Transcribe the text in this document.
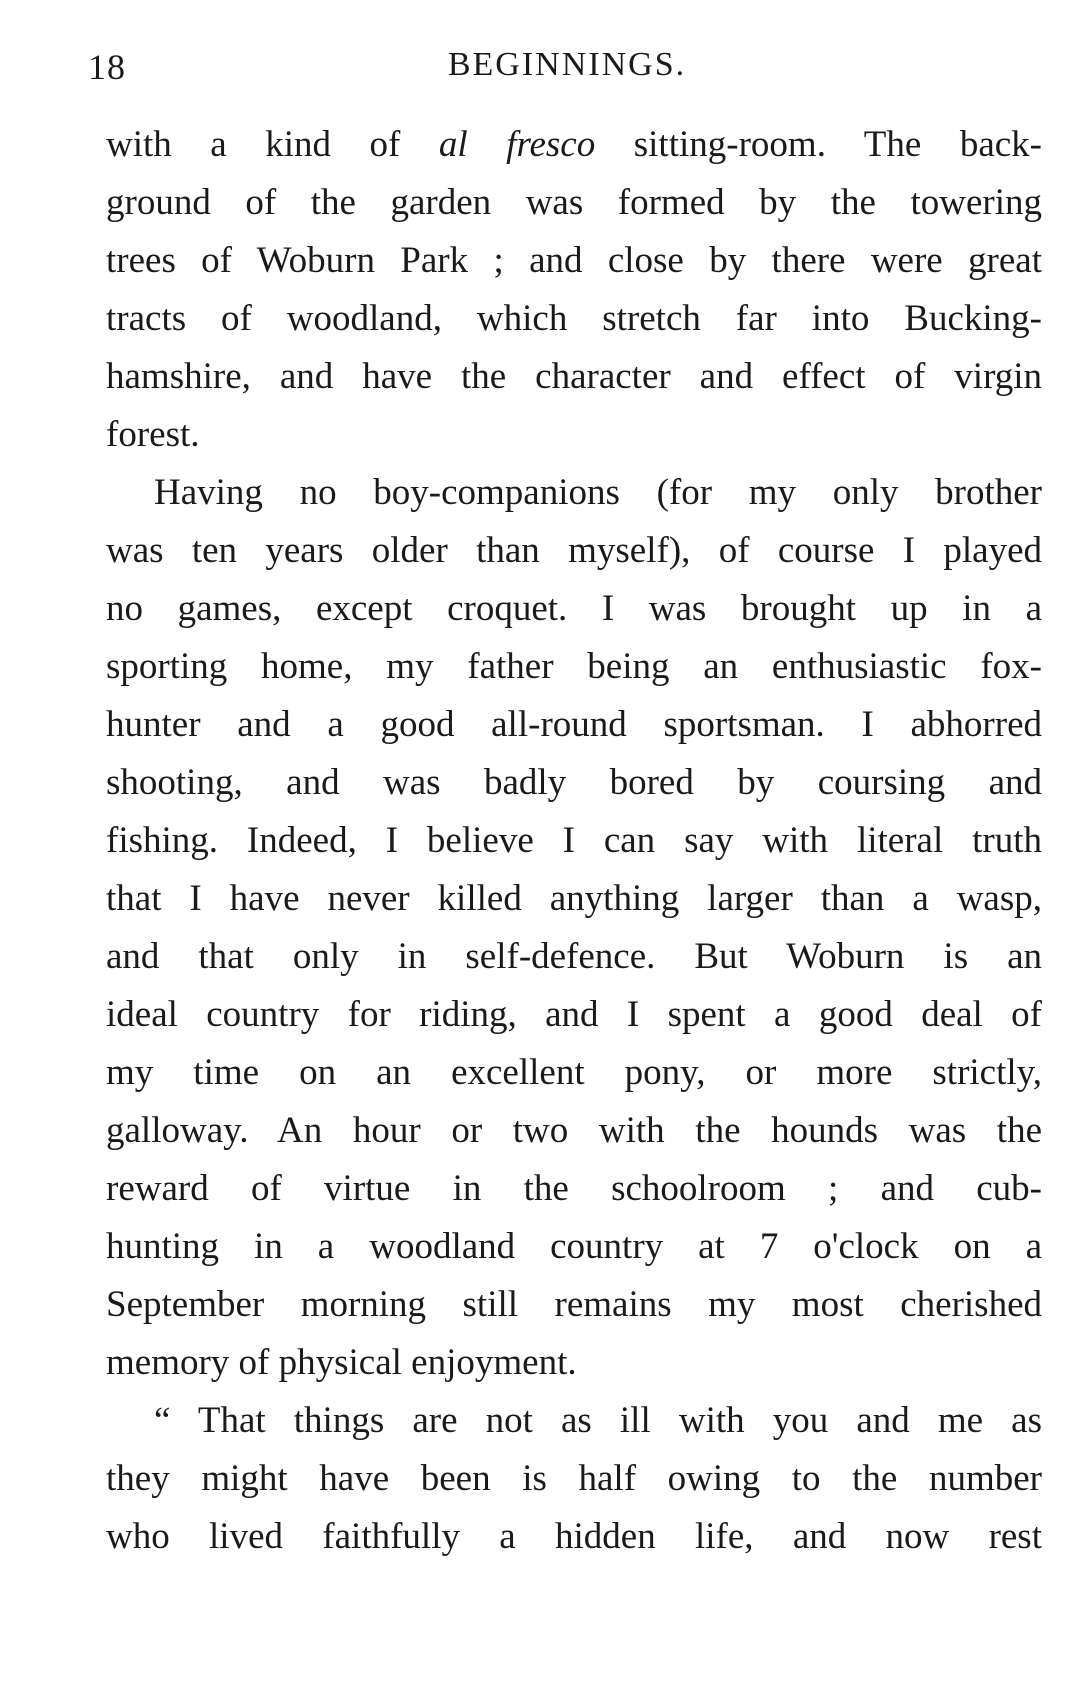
18	BEGINNINGS.

with a kind of al fresco sitting-room. The back-
ground of the garden was formed by the towering
trees of Woburn Park ; and close by there were great
tracts of woodland, which stretch far into Bucking-
hamshire, and have the character and effect of virgin
forest.

Having no boy-companions (for my only brother
was ten years older than myself), of course I played
no games, except croquet. I was brought up in a
sporting home, my father being an enthusiastic fox-
hunter and a good all-round sportsman. I abhorred
shooting, and was badly bored by coursing and
fishing. Indeed, I believe I can say with literal truth
that I have never killed anything larger than a wasp,
and that only in self-defence. But Woburn is an
ideal country for riding, and I spent a good deal of
my time on an excellent pony, or more strictly,
galloway. An hour or two with the hounds was the
reward of virtue in the schoolroom ; and cub-
hunting in a woodland country at 7 o'clock on a
September morning still remains my most cherished
memory of physical enjoyment.

“ That things are not as ill with you and me as
they might have been is half owing to the number
who lived faithfully a hidden life, and now rest
